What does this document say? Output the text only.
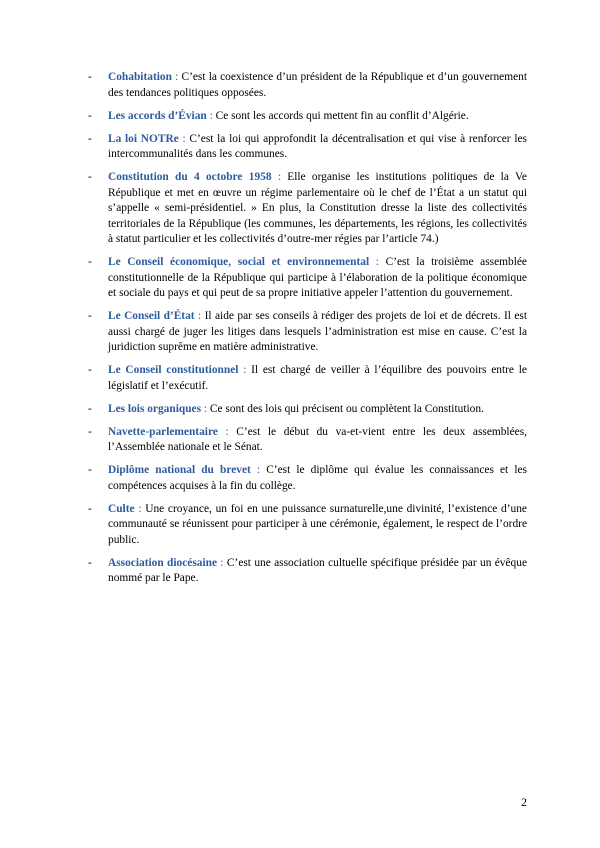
- Cohabitation : C’est la coexistence d’un président de la République et d’un gouvernement des tendances politiques opposées.
- Les accords d’Évian : Ce sont les accords qui mettent fin au conflit d’Algérie.
- La loi NOTRe : C’est la loi qui approfondit la décentralisation et qui vise à renforcer les intercommunalités dans les communes.
- Constitution du 4 octobre 1958 : Elle organise les institutions politiques de la Ve République et met en œuvre un régime parlementaire où le chef de l’État a un statut qui s’appelle « semi-présidentiel. » En plus, la Constitution dresse la liste des collectivités territoriales de la République (les communes, les départements, les régions, les collectivités à statut particulier et les collectivités d’outre-mer régies par l’article 74.)
- Le Conseil économique, social et environnemental : C’est la troisième assemblée constitutionnelle de la République qui participe à l’élaboration de la politique économique et sociale du pays et qui peut de sa propre initiative appeler l’attention du gouvernement.
- Le Conseil d’État : Il aide par ses conseils à rédiger des projets de loi et de décrets. Il est aussi chargé de juger les litiges dans lesquels l’administration est mise en cause. C’est la juridiction suprême en matière administrative.
- Le Conseil constitutionnel : Il est chargé de veiller à l’équilibre des pouvoirs entre le législatif et l’exécutif.
- Les lois organiques : Ce sont des lois qui précisent ou complètent la Constitution.
- Navette-parlementaire : C’est le début du va-et-vient entre les deux assemblées, l’Assemblée nationale et le Sénat.
- Diplôme national du brevet : C’est le diplôme qui évalue les connaissances et les compétences acquises à la fin du collège.
- Culte : Une croyance, un foi en une puissance surnaturelle,une divinité, l’existence d’une communauté se réunissent pour participer à une cérémonie, également, le respect de l’ordre public.
- Association diocésaine : C’est une association cultuelle spécifique présidée par un évêque nommé par le Pape.
2
